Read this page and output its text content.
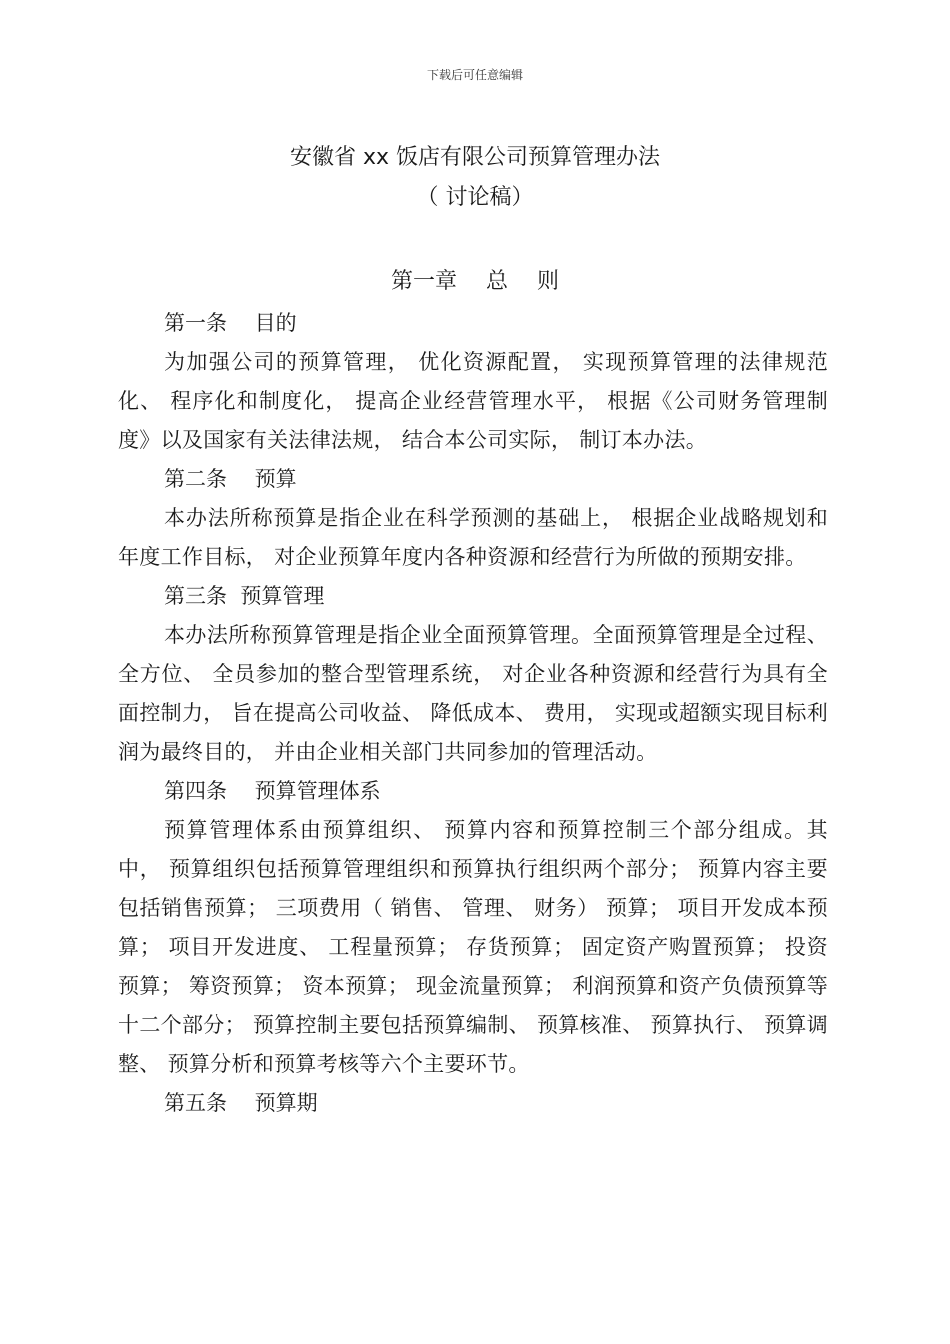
下载后可任意编辑
安徽省 xx 饭店有限公司预算管理办法
（ 讨论稿）
第一章　 总　 则
第一条　 目的

为加强公司的预算管理， 优化资源配置， 实现预算管理的法律规范化、 程序化和制度化， 提高企业经营管理水平， 根据《公司财务管理制度》以及国家有关法律法规， 结合本公司实际， 制订本办法。

第二条　 预算

本办法所称预算是指企业在科学预测的基础上， 根据企业战略规划和年度工作目标， 对企业预算年度内各种资源和经营行为所做的预期安排。

第三条  预算管理

本办法所称预算管理是指企业全面预算管理。全面预算管理是全过程、 全方位、 全员参加的整合型管理系统， 对企业各种资源和经营行为具有全面控制力， 旨在提高公司收益、 降低成本、 费用， 实现或超额实现目标利润为最终目的， 并由企业相关部门共同参加的管理活动。

第四条　 预算管理体系

预算管理体系由预算组织、 预算内容和预算控制三个部分组成。其中， 预算组织包括预算管理组织和预算执行组织两个部分； 预算内容主要包括销售预算； 三项费用（ 销售、 管理、 财务） 预算； 项目开发成本预算； 项目开发进度、 工程量预算； 存货预算； 固定资产购置预算； 投资预算； 筹资预算； 资本预算； 现金流量预算； 利润预算和资产负债预算等十二个部分； 预算控制主要包括预算编制、 预算核准、 预算执行、 预算调整、 预算分析和预算考核等六个主要环节。

第五条　 预算期
